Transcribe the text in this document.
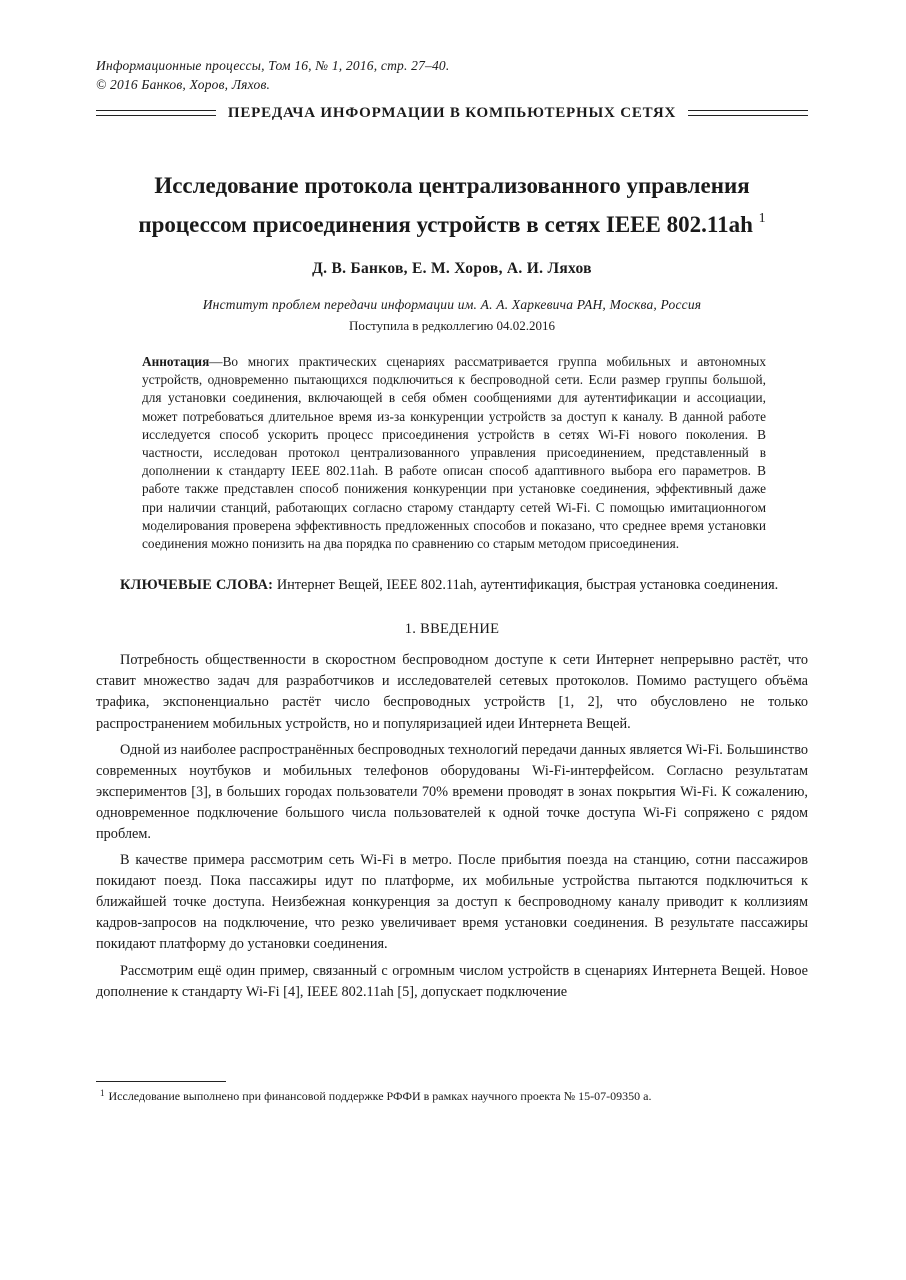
Информационные процессы, Том 16, № 1, 2016, стр. 27–40.
© 2016 Банков, Хоров, Ляхов.
ПЕРЕДАЧА ИНФОРМАЦИИ В КОМПЬЮТЕРНЫХ СЕТЯХ
Исследование протокола централизованного управления
процессом присоединения устройств в сетях IEEE 802.11ah $^1$
Д. В. Банков, Е. М. Хоров, А. И. Ляхов
Институт проблем передачи информации им. А. А. Харкевича РАН, Москва, Россия
Поступила в редколлегию 04.02.2016
Аннотация—Во многих практических сценариях рассматривается группа мобильных и автономных устройств, одновременно пытающихся подключиться к беспроводной сети. Если размер группы большой, для установки соединения, включающей в себя обмен сообщениями для аутентификации и ассоциации, может потребоваться длительное время из-за конкуренции устройств за доступ к каналу. В данной работе исследуется способ ускорить процесс присоединения устройств в сетях Wi-Fi нового поколения. В частности, исследован протокол централизованного управления присоединением, представленный в дополнении к стандарту IEEE 802.11ah. В работе описан способ адаптивного выбора его параметров. В работе также представлен способ понижения конкуренции при установке соединения, эффективный даже при наличии станций, работающих согласно старому стандарту сетей Wi-Fi. С помощью имитационногом моделирования проверена эффективность предложенных способов и показано, что среднее время установки соединения можно понизить на два порядка по сравнению со старым методом присоединения.
КЛЮЧЕВЫЕ СЛОВА: Интернет Вещей, IEEE 802.11ah, аутентификация, быстрая установка соединения.
1. ВВЕДЕНИЕ

Потребность общественности в скоростном беспроводном доступе к сети Интернет непрерывно растёт, что ставит множество задач для разработчиков и исследователей сетевых протоколов. Помимо растущего объёма трафика, экспоненциально растёт число беспроводных устройств [1, 2], что обусловлено не только распространением мобильных устройств, но и популяризацией идеи Интернета Вещей.

Одной из наиболее распространённых беспроводных технологий передачи данных является Wi-Fi. Большинство современных ноутбуков и мобильных телефонов оборудованы Wi-Fi-интерфейсом. Согласно результатам экспериментов [3], в больших городах пользователи 70% времени проводят в зонах покрытия Wi-Fi. К сожалению, одновременное подключение большого числа пользователей к одной точке доступа Wi-Fi сопряжено с рядом проблем.

В качестве примера рассмотрим сеть Wi-Fi в метро. После прибытия поезда на станцию, сотни пассажиров покидают поезд. Пока пассажиры идут по платформе, их мобильные устройства пытаются подключиться к ближайшей точке доступа. Неизбежная конкуренция за доступ к беспроводному каналу приводит к коллизиям кадров-запросов на подключение, что резко увеличивает время установки соединения. В результате пассажиры покидают платформу до установки соединения.

Рассмотрим ещё один пример, связанный с огромным числом устройств в сценариях Интернета Вещей. Новое дополнение к стандарту Wi-Fi [4], IEEE 802.11ah [5], допускает подключение

$^1$ Исследование выполнено при финансовой поддержке РФФИ в рамках научного проекта № 15-07-09350 а.
